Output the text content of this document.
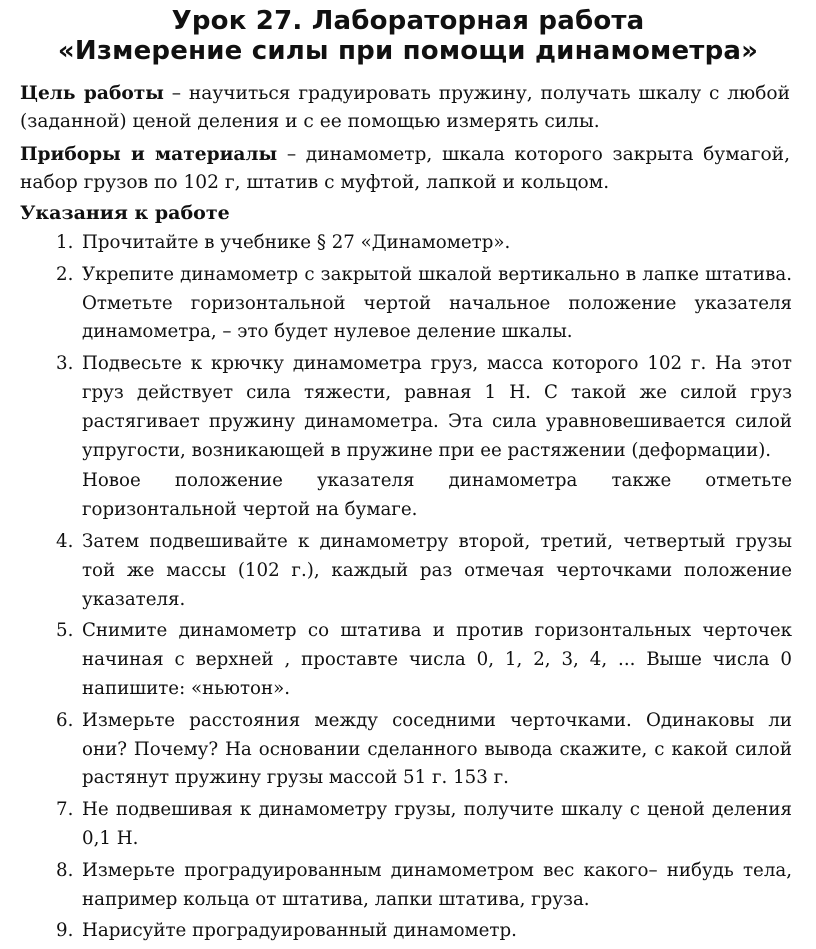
Урок 27. Лабораторная работа
«Измерение силы при помощи динамометра»

Цель работы – научиться градуировать пружину, получать шкалу с любой (заданной) ценой деления и с ее помощью измерять силы.

Приборы и материалы – динамометр, шкала которого закрыта бумагой, набор грузов по 102 г, штатив с муфтой, лапкой и кольцом.

Указания к работе
1. Прочитайте в учебнике § 27 «Динамометр».
2. Укрепите динамометр с закрытой шкалой вертикально в лапке штатива. Отметьте горизонтальной чертой начальное положение указателя динамометра, – это будет нулевое деление шкалы.
3. Подвесьте к крючку динамометра груз, масса которого 102 г. На этот груз действует сила тяжести, равная 1 Н. С такой же силой груз растягивает пружину динамометра. Эта сила уравновешивается силой упругости, возникающей в пружине при ее растяжении (деформации).
Новое положение указателя динамометра также отметьте горизонтальной чертой на бумаге.
4. Затем подвешивайте к динамометру второй, третий, четвертый грузы той же массы (102 г.), каждый раз отмечая черточками положение указателя.
5. Снимите динамометр со штатива и против горизонтальных черточек начиная с верхней , проставте числа 0, 1, 2, 3, 4, ... Выше числа 0 напишите: «ньютон».
6. Измерьте расстояния между соседними черточками. Одинаковы ли они? Почему? На основании сделанного вывода скажите, с какой силой растянут пружину грузы массой 51 г. 153 г.
7. Не подвешивая к динамометру грузы, получите шкалу с ценой деления 0,1 Н.
8. Измерьте проградуированным динамометром вес какого– нибудь тела, например кольца от штатива, лапки штатива, груза.
9. Нарисуйте проградуированный динамометр.
